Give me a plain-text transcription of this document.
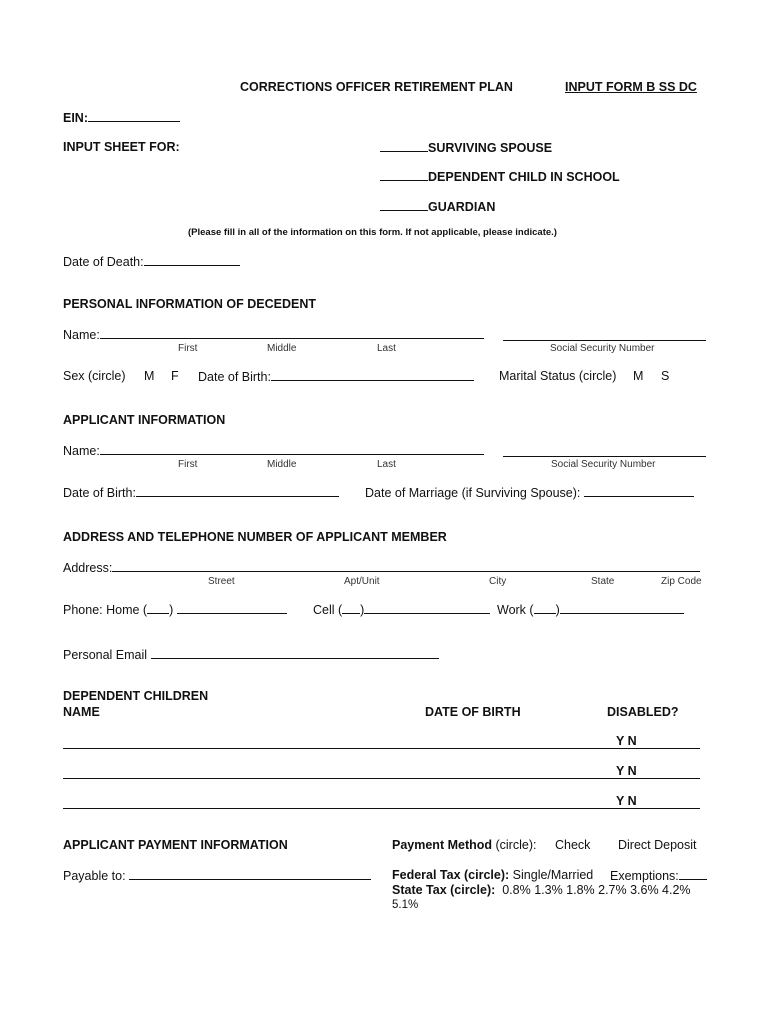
CORRECTIONS OFFICER RETIREMENT PLAN	INPUT FORM B SS DC
EIN:
INPUT SHEET FOR:	SURVIVING SPOUSE
DEPENDENT CHILD IN SCHOOL
GUARDIAN
(Please fill in all of the information on this form. If not applicable, please indicate.)
Date of Death:
PERSONAL INFORMATION OF DECEDENT
Name:
First	Middle	Last	Social Security Number
Sex (circle) M F Date of Birth:	Marital Status (circle) M S
APPLICANT INFORMATION
Name:
First	Middle	Last	Social Security Number
Date of Birth:	Date of Marriage (if Surviving Spouse):
ADDRESS AND TELEPHONE NUMBER OF APPLICANT MEMBER
Address:
Street	Apt/Unit	City	State	Zip Code
Phone: Home ( )	Cell ( )	Work ( )
Personal Email
DEPENDENT CHILDREN
NAME	DATE OF BIRTH	DISABLED?
Y N
Y N
Y N
APPLICANT PAYMENT INFORMATION	Payment Method (circle): Check Direct Deposit
Payable to:	Federal Tax (circle): Single/Married Exemptions:
State Tax (circle): 0.8% 1.3% 1.8% 2.7% 3.6% 4.2%
5.1%
